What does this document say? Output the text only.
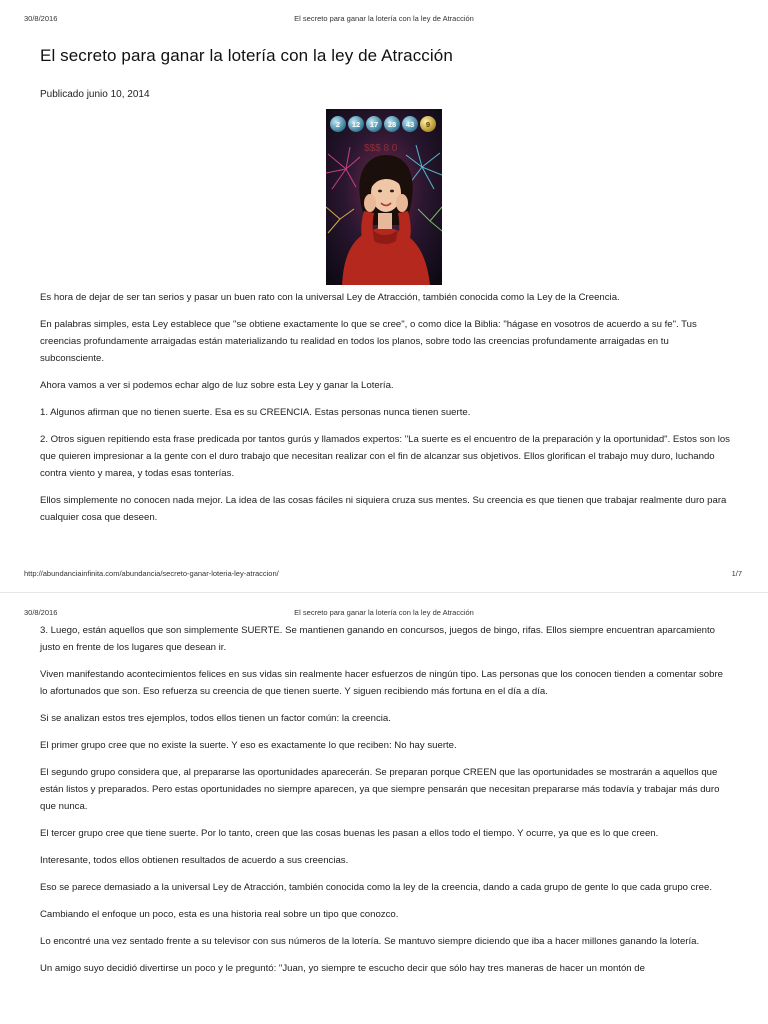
30/8/2016	El secreto para ganar la lotería con la ley de Atracción
El secreto para ganar la lotería con la ley de Atracción
Publicado junio 10, 2014
$$$ 8 0
2 12 17 28 43 9

Es hora de dejar de ser tan serios y pasar un buen rato con la universal Ley de Atracción, también conocida como la Ley de la Creencia.

En palabras simples, esta Ley establece que "se obtiene exactamente lo que se cree", o como dice la Biblia: "hágase en vosotros de acuerdo a su fe". Tus creencias profundamente arraigadas están materializando tu realidad en todos los planos, sobre todo las creencias profundamente arraigadas en tu subconsciente.

Ahora vamos a ver si podemos echar algo de luz sobre esta Ley y ganar la Lotería.

1. Algunos afirman que no tienen suerte. Esa es su CREENCIA. Estas personas nunca tienen suerte.

2. Otros siguen repitiendo esta frase predicada por tantos gurús y llamados expertos: "La suerte es el encuentro de la preparación y la oportunidad". Estos son los que quieren impresionar a la gente con el duro trabajo que necesitan realizar con el fin de alcanzar sus objetivos. Ellos glorifican el trabajo muy duro, luchando contra viento y marea, y todas esas tonterías.

Ellos simplemente no conocen nada mejor. La idea de las cosas fáciles ni siquiera cruza sus mentes. Su creencia es que tienen que trabajar realmente duro para cualquier cosa que deseen.

http://abundanciainfinita.com/abundancia/secreto-ganar-loteria-ley-atraccion/	1/7
30/8/2016	El secreto para ganar la lotería con la ley de Atracción

3. Luego, están aquellos que son simplemente SUERTE. Se mantienen ganando en concursos, juegos de bingo, rifas. Ellos siempre encuentran aparcamiento justo en frente de los lugares que desean ir.

Viven manifestando acontecimientos felices en sus vidas sin realmente hacer esfuerzos de ningún tipo. Las personas que los conocen tienden a comentar sobre lo afortunados que son. Eso refuerza su creencia de que tienen suerte. Y siguen recibiendo más fortuna en el día a día.

Si se analizan estos tres ejemplos, todos ellos tienen un factor común: la creencia.

El primer grupo cree que no existe la suerte. Y eso es exactamente lo que reciben: No hay suerte.

El segundo grupo considera que, al prepararse las oportunidades aparecerán. Se preparan porque CREEN que las oportunidades se mostrarán a aquellos que están listos y preparados. Pero estas oportunidades no siempre aparecen, ya que siempre pensarán que necesitan prepararse más todavía y trabajar más duro que nunca.

El tercer grupo cree que tiene suerte. Por lo tanto, creen que las cosas buenas les pasan a ellos todo el tiempo. Y ocurre, ya que es lo que creen.

Interesante, todos ellos obtienen resultados de acuerdo a sus creencias.

Eso se parece demasiado a la universal Ley de Atracción, también conocida como la ley de la creencia, dando a cada grupo de gente lo que cada grupo cree.

Cambiando el enfoque un poco, esta es una historia real sobre un tipo que conozco.

Lo encontré una vez sentado frente a su televisor con sus números de la lotería. Se mantuvo siempre diciendo que iba a hacer millones ganando la lotería.

Un amigo suyo decidió divertirse un poco y le preguntó: "Juan, yo siempre te escucho decir que sólo hay tres maneras de hacer un montón de
